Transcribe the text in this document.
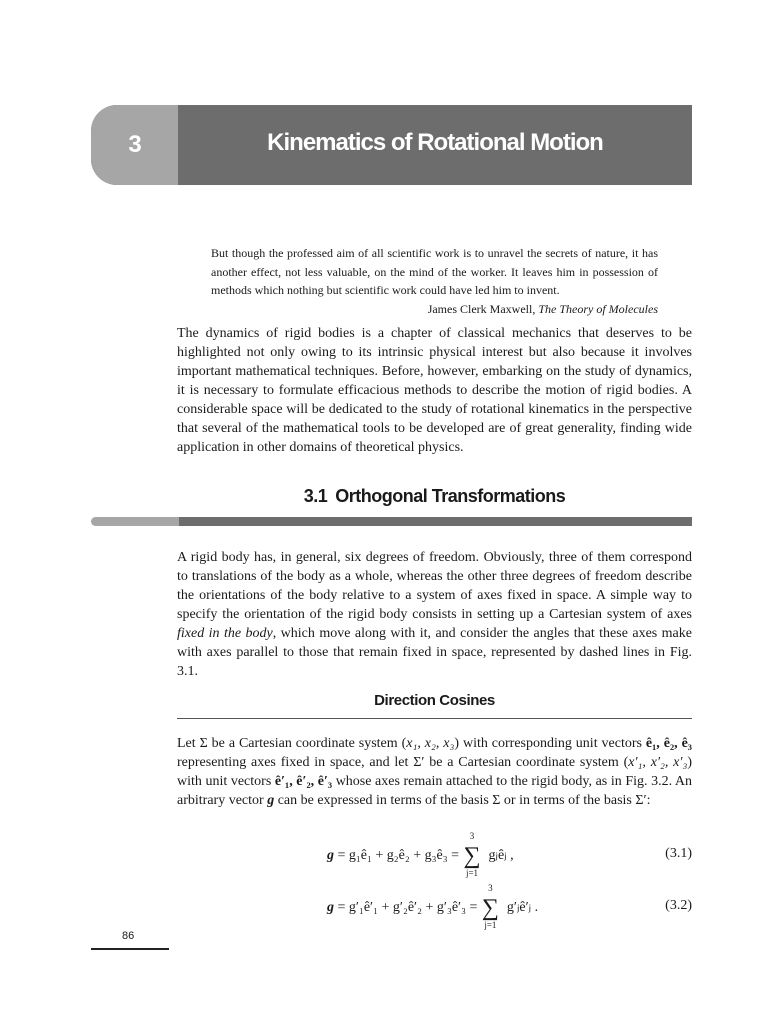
3	Kinematics of Rotational Motion

But though the professed aim of all scientific work is to unravel the secrets of nature, it has another effect, not less valuable, on the mind of the worker. It leaves him in possession of methods which nothing but scientific work could have led him to invent.

James Clerk Maxwell, The Theory of Molecules

The dynamics of rigid bodies is a chapter of classical mechanics that deserves to be highlighted not only owing to its intrinsic physical interest but also because it involves important mathematical techniques. Before, however, embarking on the study of dynamics, it is necessary to formulate efficacious methods to describe the motion of rigid bodies. A considerable space will be dedicated to the study of rotational kinematics in the perspective that several of the mathematical tools to be developed are of great generality, finding wide application in other domains of theoretical physics.

3.1 Orthogonal Transformations

A rigid body has, in general, six degrees of freedom. Obviously, three of them correspond to translations of the body as a whole, whereas the other three degrees of freedom describe the orientations of the body relative to a system of axes fixed in space. A simple way to specify the orientation of the rigid body consists in setting up a Cartesian system of axes fixed in the body, which move along with it, and consider the angles that these axes make with axes parallel to those that remain fixed in space, represented by dashed lines in Fig. 3.1.

Direction Cosines

Let Σ be a Cartesian coordinate system (x₁, x₂, x₃) with corresponding unit vectors ê₁, ê₂, ê₃ representing axes fixed in space, and let Σ′ be a Cartesian coordinate system (x′₁, x′₂, x′₃) with unit vectors ê′₁, ê′₂, ê′₃ whose axes remain attached to the rigid body, as in Fig. 3.2. An arbitrary vector g can be expressed in terms of the basis Σ or in terms of the basis Σ′:

g = g₁ê₁ + g₂ê₂ + g₃ê₃ =
3
∑
j=1
gⱼêⱼ ,	(3.1)
g = g′₁ê′₁ + g′₂ê′₂ + g′₃ê′₃ =
3
∑
j=1
g′ⱼê′ⱼ .	(3.2)
86
